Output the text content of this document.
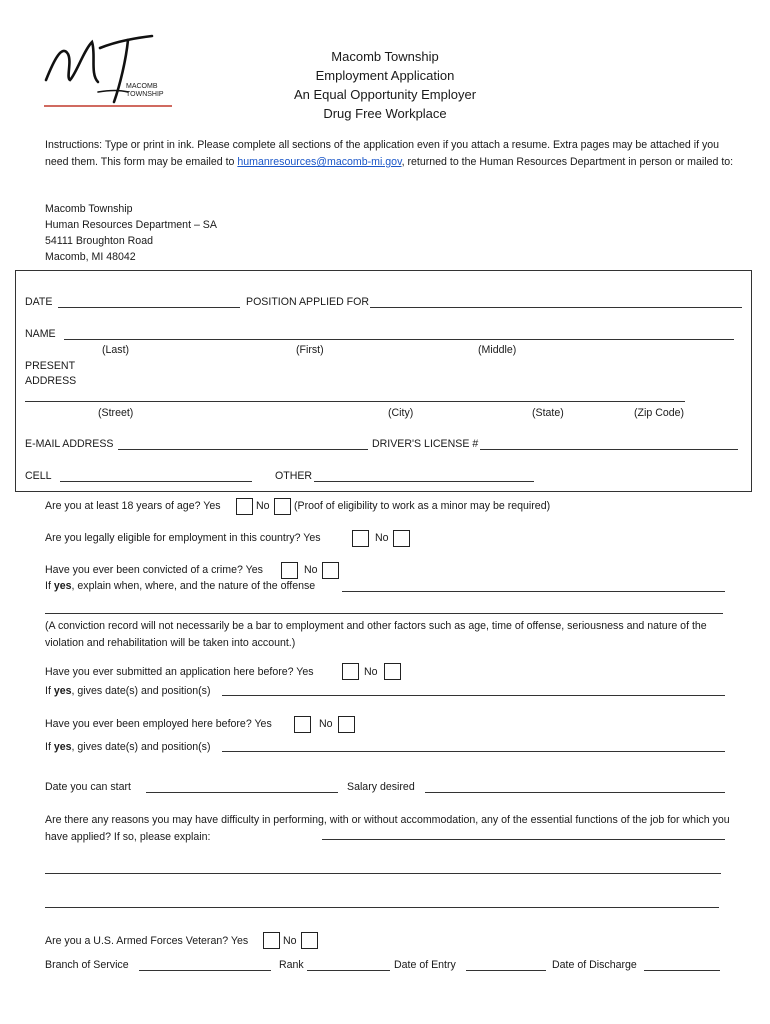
MACOMB
TOWNSHIP
Macomb Township
Employment Application
An Equal Opportunity Employer
Drug Free Workplace
Instructions: Type or print in ink. Please complete all sections of the application even if you attach a resume. Extra pages may be attached if you need them. This form may be emailed to humanresources@macomb-mi.gov, returned to the Human Resources Department in person or mailed to:
Macomb Township
Human Resources Department – SA
54111 Broughton Road
Macomb, MI 48042
DATE	POSITION APPLIED FOR
NAME
(Last)	(First)	(Middle)
PRESENT
ADDRESS
(Street)	(City)	(State)	(Zip Code)
E-MAIL ADDRESS	DRIVER'S LICENSE #
CELL	OTHER
Are you at least 18 years of age? Yes	No (Proof of eligibility to work as a minor may be required)
Are you legally eligible for employment in this country? Yes	No
Have you ever been convicted of a crime? Yes	No
If yes, explain when, where, and the nature of the offense
(A conviction record will not necessarily be a bar to employment and other factors such as age, time of offense, seriousness and nature of the violation and rehabilitation will be taken into account.)
Have you ever submitted an application here before? Yes	No
If yes, gives date(s) and position(s)
Have you ever been employed here before? Yes	No
If yes, gives date(s) and position(s)
Date you can start	Salary desired
Are there any reasons you may have difficulty in performing, with or without accommodation, any of the essential functions of the job for which you have applied? If so, please explain:
Are you a U.S. Armed Forces Veteran? Yes	No
Branch of Service	Rank	Date of Entry	Date of Discharge
